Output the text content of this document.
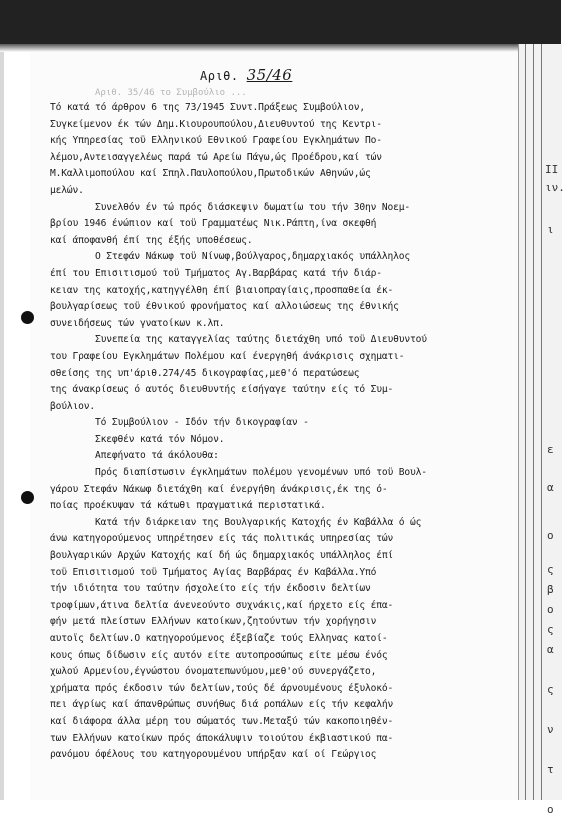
ΙΙ
ιν.
ι
ε
α
ο
ς
β
ο
ς
α
ς
ν
τ
ο
Αριθ. 35/46
Αριθ. 35/46 το Συμβούλιο ...
Τό κατά τό άρθρον 6 της 73/1945 Συντ.Πράξεως Συμβούλιον,
Συγκείμενον έκ τών Δημ.Κιουρουπούλου,Διευθυντού της Κεντρι-
κής Υπηρεσίας τοϋ Ελληνικού Εθνικού Γραφείου Εγκλημάτων Πο-
λέμου,Αντεισαγγελέως παρά τώ Αρείω Πάγω,ώς Προέδρου,καί τών
Μ.Καλλιμοπούλου καί Σπηλ.Παυλοπούλου,Πρωτοδικών Αθηνών,ώς
μελών.
Συνελθόν έν τώ πρός διάσκεψιν δωματίω του τήν 30ην Νοεμ-
βρίου 1946 ένώπιον καί τοϋ Γραμματέως Νικ.Ράπτη,ίνα σκεφθή
καί άποφανθή έπί της έξής υποθέσεως.
Ο Στεφάν Νάκωφ τοϋ Νίνωφ,βούλγαρος,δημαρχιακός υπάλληλος
έπί του Επισιτισμού τοϋ Τμήματος Αγ.Βαρβάρας κατά τήν διάρ-
κειαν της κατοχής,κατηγγέλθη έπί βιαιοπραγίαις,προσπαθεία έκ-
βουλγαρίσεως τοϋ έθνικού φρονήματος καί αλλοιώσεως της έθνικής
συνειδήσεως τών γνατοίκων κ.λπ.
Συνεπεία της καταγγελίας ταύτης διετάχθη υπό τοϋ Διευθυντού
του Γραφείου Εγκλημάτων Πολέμου καί ένεργηθή άνάκρισις σχηματι-
σθείσης της υπ'άριθ.274/45 δικογραφίας,μεθ'ό περατώσεως
της άνακρίσεως ό αυτός διευθυντής είσήγαγε ταύτην είς τό Συμ-
βούλιον.
Τό Συμβούλιον - Ιδόν τήν δικογραφίαν -
Σκεφθέν κατά τόν Νόμον.
Απεφήνατο τά άκόλουθα:
Πρός διαπίστωσιν έγκλημάτων πολέμου γενομένων υπό τοϋ Βουλ-
γάρου Στεφάν Νάκωφ διετάχθη καί ένεργήθη άνάκρισις,έκ της ό-
ποίας προέκυψαν τά κάτωθι πραγματικά περιστατικά.
Κατά τήν διάρκειαν της Βουλγαρικής Κατοχής έν Καβάλλα ό ώς
άνω κατηγορούμενος υπηρέτησεν είς τάς πολιτικάς υπηρεσίας τών
βουλγαρικών Αρχών Κατοχής καί δή ώς δημαρχιακός υπάλληλος έπί
τοϋ Επισιτισμού τοϋ Τμήματος Αγίας Βαρβάρας έν Καβάλλα.Υπό
τήν ιδιότητα του ταύτην ήσχολείτο είς τήν έκδοσιν δελτίων
τροφίμων,άτινα δελτία άνενεούντο συχνάκις,καί ήρχετο είς έπα-
φήν μετά πλείστων Ελλήνων κατοίκων,ζητούντων τήν χορήγησιν
αυτοϊς δελτίων.Ο κατηγορούμενος έξεβίαζε τούς Ελληνας κατοί-
κους όπως δίδωσιν είς αυτόν είτε αυτοπροσώπως είτε μέσω ένός
χωλού Αρμενίου,έγνώστου όνοματεπωνύμου,μεθ'ού συνεργάζετο,
χρήματα πρός έκδοσιν τών δελτίων,τούς δέ άρνουμένους έξυλοκό-
πει άγρίως καί άπανθρώπως συνήθως διά ροπάλων είς τήν κεφαλήν
καί διάφορα άλλα μέρη του σώματός των.Μεταξύ τών κακοποιηθέν-
των Ελλήνων κατοίκων πρός άποκάλυψιν τοιούτου έκβιαστικού πα-
ρανόμου όφέλους του κατηγορουμένου υπήρξαν καί οί Γεώργιος
